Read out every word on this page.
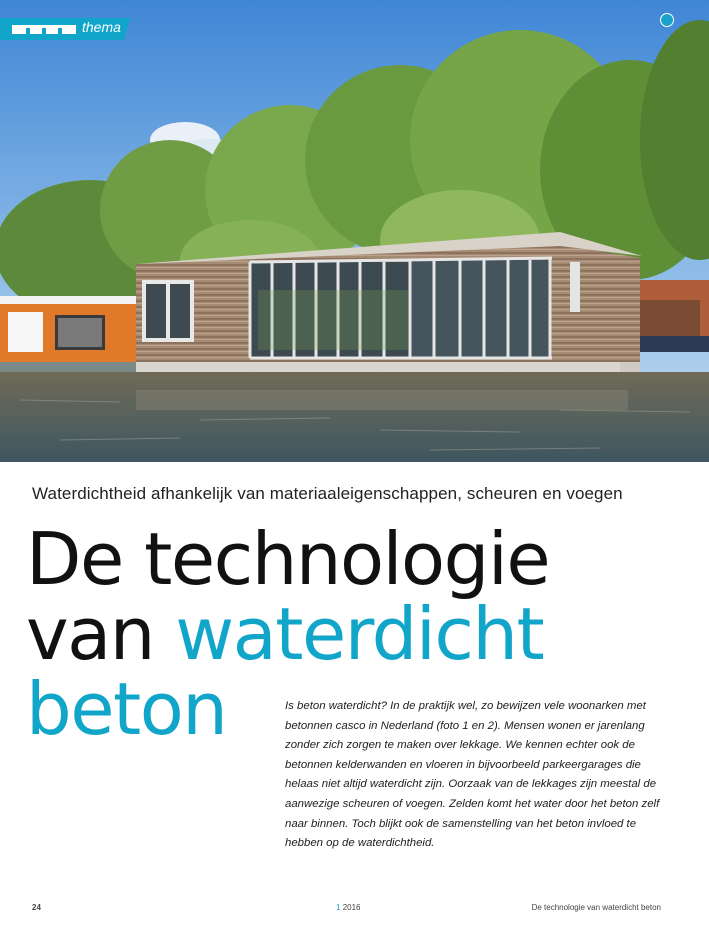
thema
Waterdichtheid afhankelijk van materiaaleigenschappen, scheuren en voegen
De technologie
van waterdicht
beton	Is beton waterdicht? In de praktijk wel, zo bewijzen vele woonarken met betonnen casco in Nederland (foto 1 en 2). Mensen wonen er jarenlang zonder zich zorgen te maken over lekkage. We kennen echter ook de betonnen kelderwanden en vloeren in bijvoorbeeld parkeergarages die helaas niet altijd waterdicht zijn. Oorzaak van de lekkages zijn meestal de aanwezige scheuren of voegen. Zelden komt het water door het beton zelf naar binnen. Toch blijkt ook de samenstelling van het beton invloed te hebben op de waterdichtheid.

24	1 2016	De technologie van waterdicht beton
